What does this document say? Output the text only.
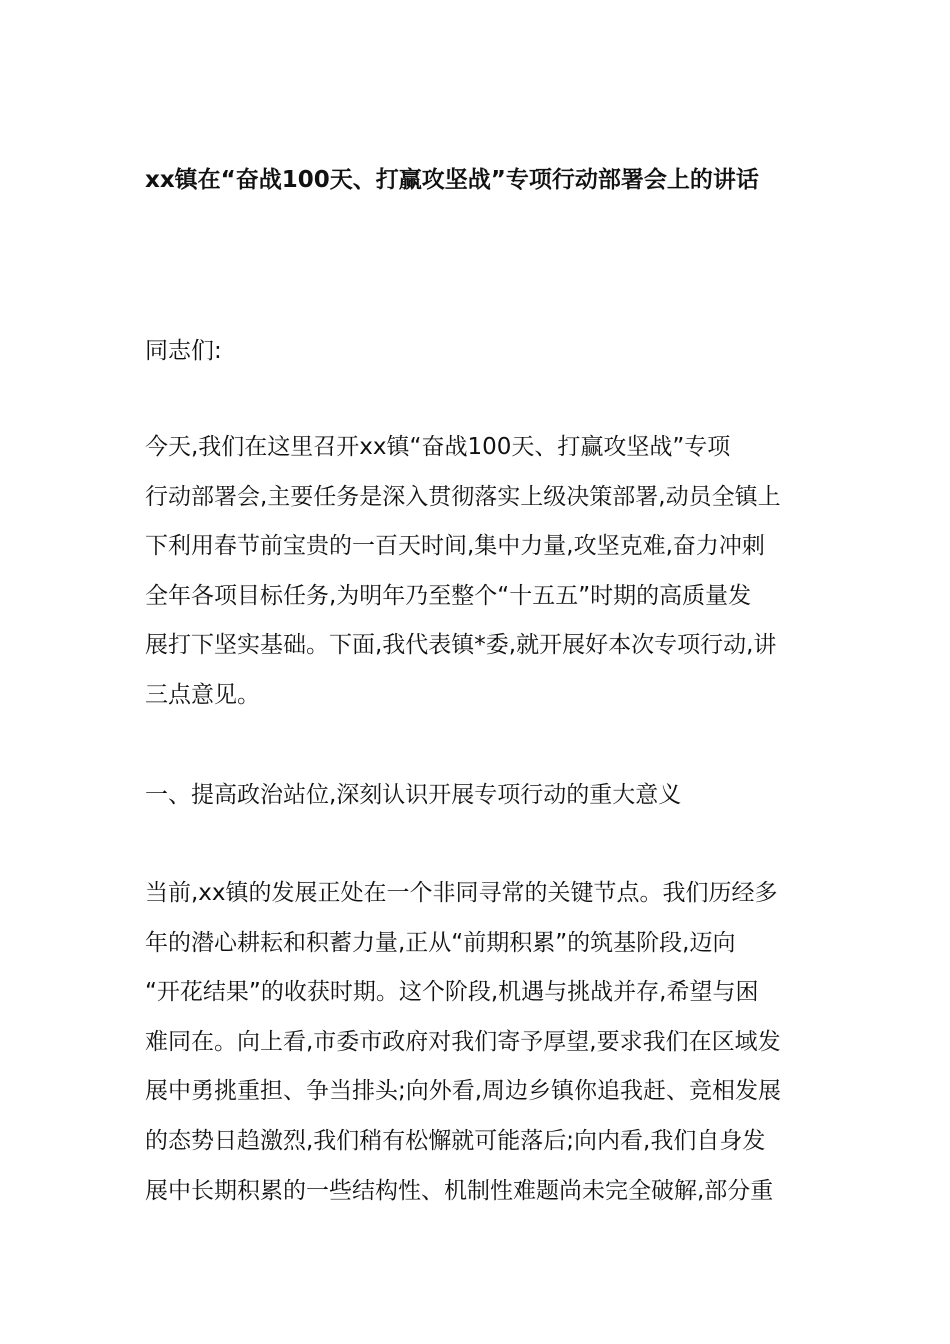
xx镇在“奋战100天、打赢攻坚战”专项行动部署会上的讲话

同志们:

今天,我们在这里召开xx镇“奋战100天、打赢攻坚战”专项
行动部署会,主要任务是深入贯彻落实上级决策部署,动员全镇上
下利用春节前宝贵的一百天时间,集中力量,攻坚克难,奋力冲刺
全年各项目标任务,为明年乃至整个“十五五”时期的高质量发
展打下坚实基础。下面,我代表镇*委,就开展好本次专项行动,讲
三点意见。

一、提高政治站位,深刻认识开展专项行动的重大意义

当前,xx镇的发展正处在一个非同寻常的关键节点。我们历经多
年的潜心耕耘和积蓄力量,正从“前期积累”的筑基阶段,迈向
“开花结果”的收获时期。这个阶段,机遇与挑战并存,希望与困
难同在。向上看,市委市政府对我们寄予厚望,要求我们在区域发
展中勇挑重担、争当排头;向外看,周边乡镇你追我赶、竞相发展
的态势日趋激烈,我们稍有松懈就可能落后;向内看,我们自身发
展中长期积累的一些结构性、机制性难题尚未完全破解,部分重
